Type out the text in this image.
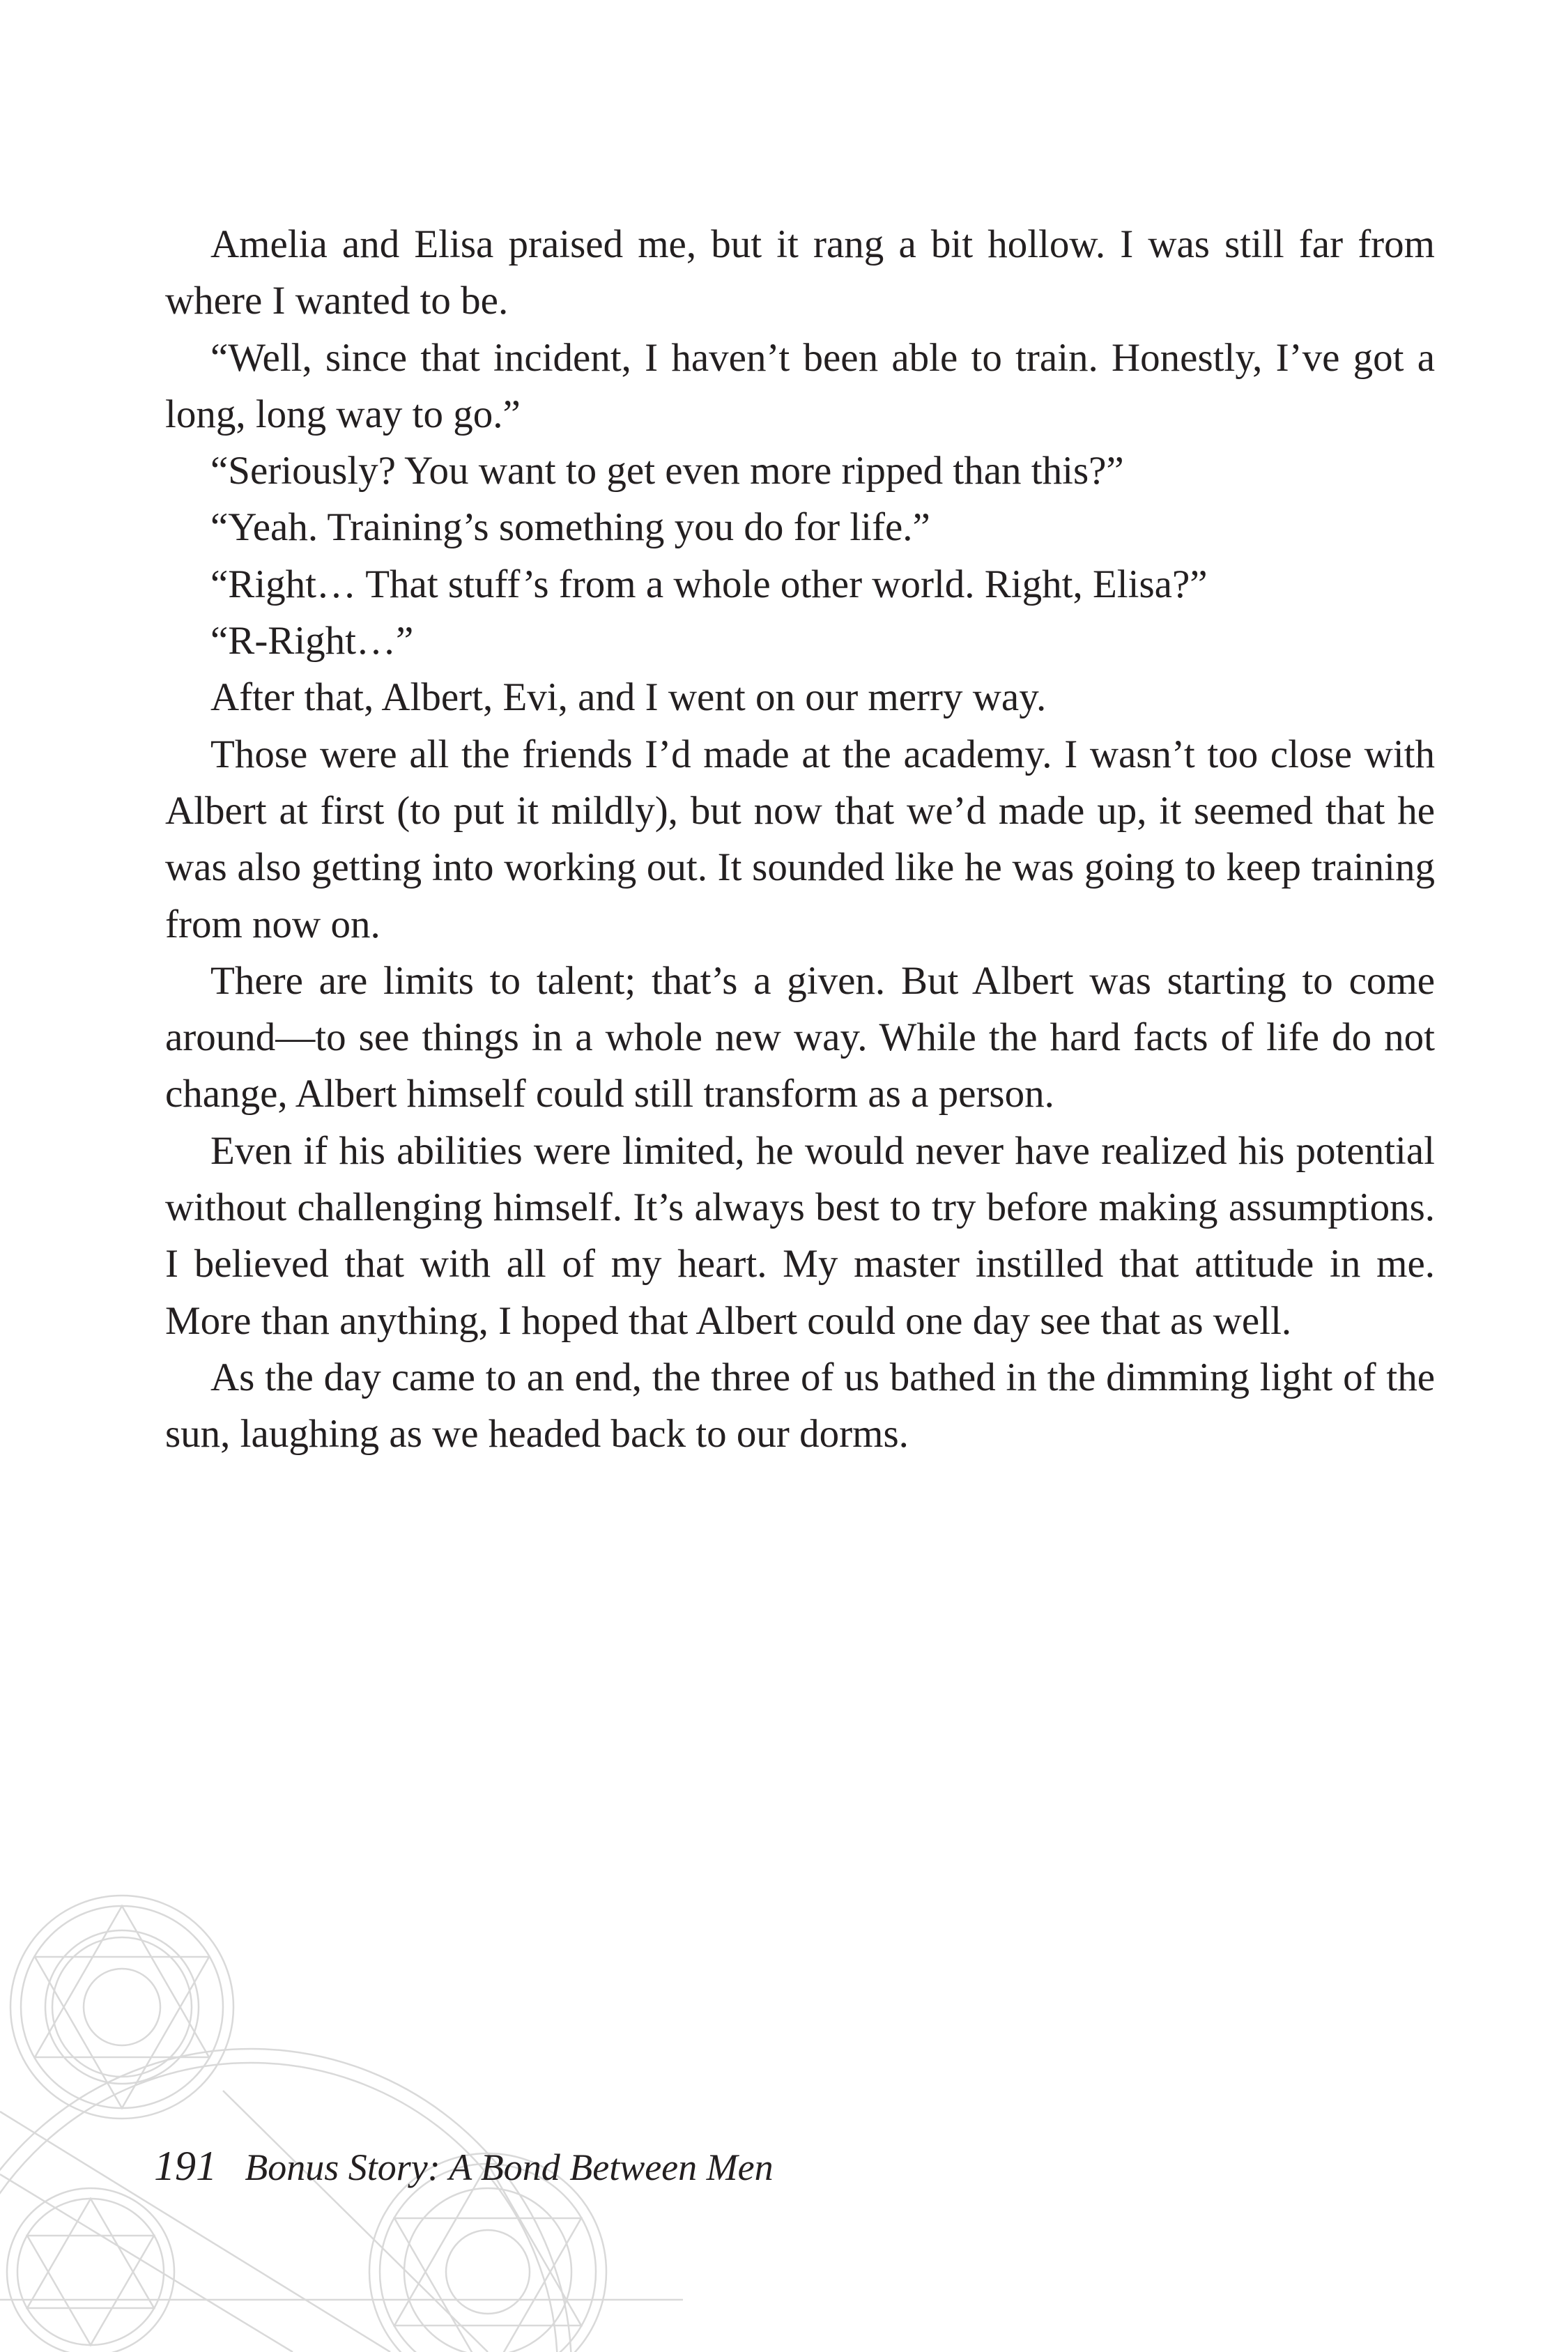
Amelia and Elisa praised me, but it rang a bit hollow. I was still far from where I wanted to be.

“Well, since that incident, I haven’t been able to train. Honestly, I’ve got a long, long way to go.”

“Seriously? You want to get even more ripped than this?”

“Yeah. Training’s something you do for life.”

“Right… That stuff’s from a whole other world. Right, Elisa?”

“R-Right…”

After that, Albert, Evi, and I went on our merry way.

Those were all the friends I’d made at the academy. I wasn’t too close with Albert at first (to put it mildly), but now that we’d made up, it seemed that he was also getting into working out. It sounded like he was going to keep training from now on.

There are limits to talent; that’s a given. But Albert was starting to come around—to see things in a whole new way. While the hard facts of life do not change, Albert himself could still transform as a person.

Even if his abilities were limited, he would never have realized his potential without challenging himself. It’s always best to try before making assumptions. I believed that with all of my heart. My master instilled that attitude in me. More than anything, I hoped that Albert could one day see that as well.

As the day came to an end, the three of us bathed in the dimming light of the sun, laughing as we headed back to our dorms.

191 Bonus Story: A Bond Between Men
